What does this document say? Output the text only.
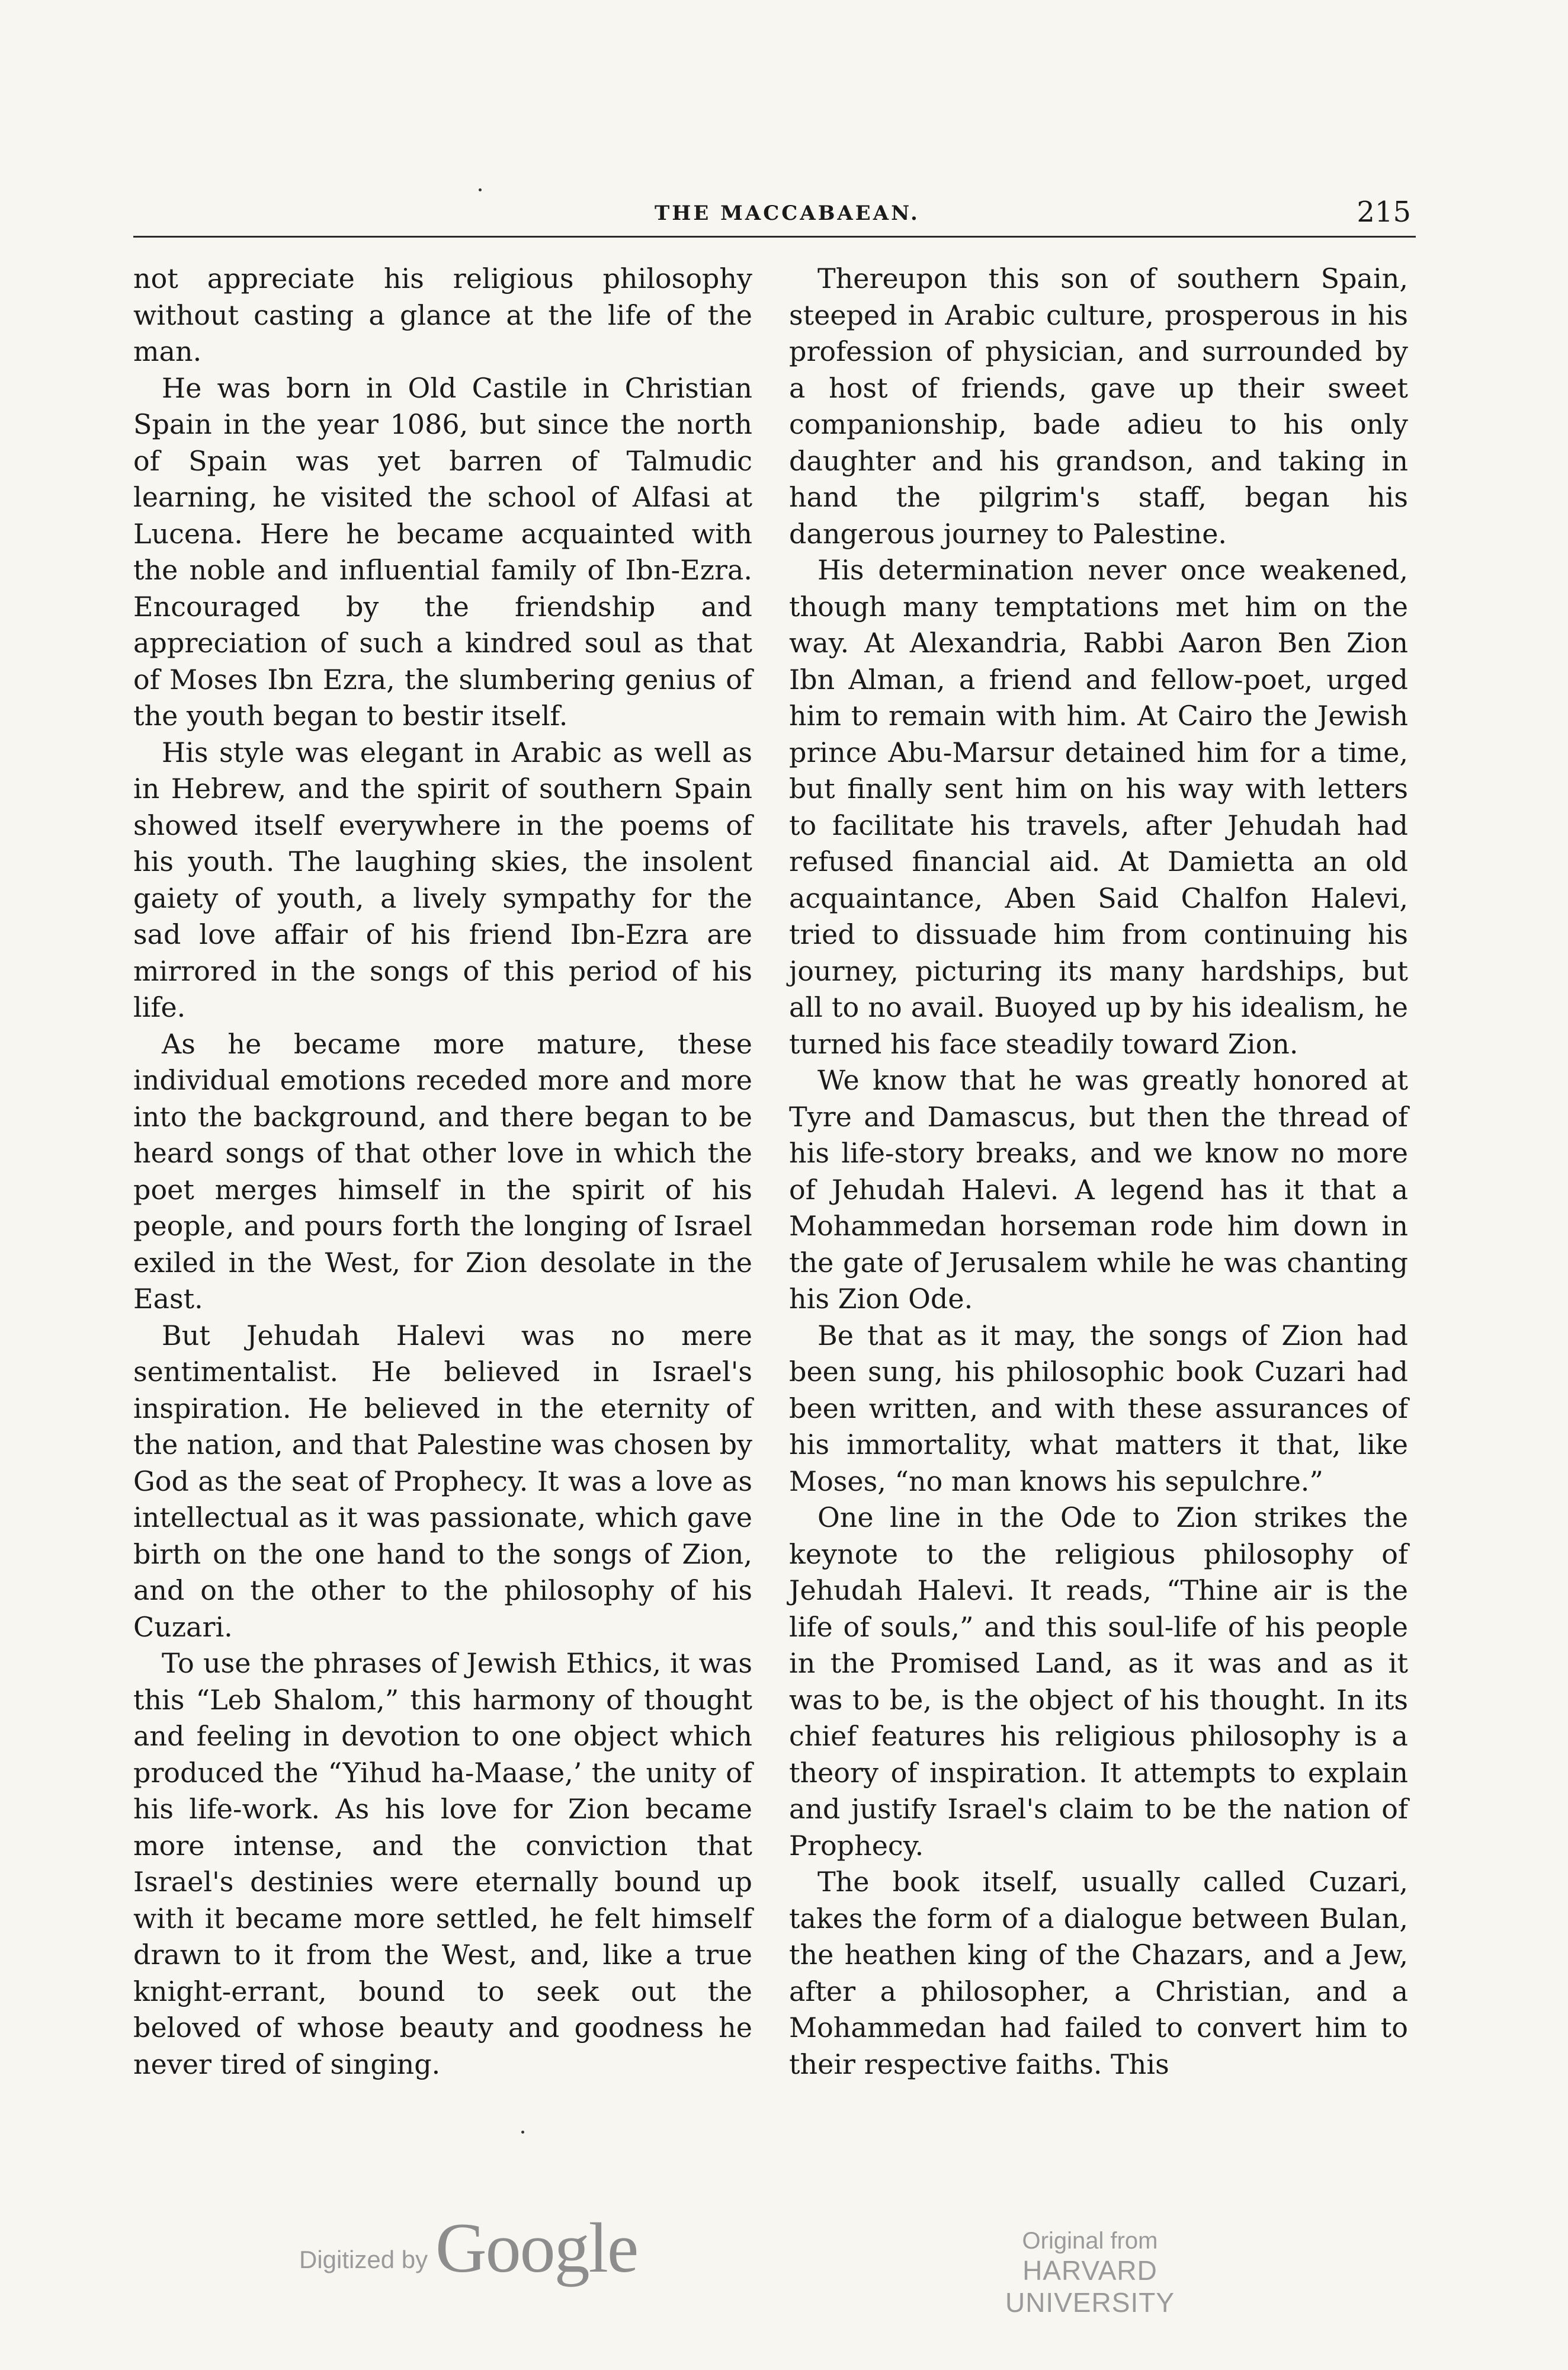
THE MACCABAEAN.	215

not appreciate his religious philosophy without casting a glance at the life of the man.

He was born in Old Castile in Christian Spain in the year 1086, but since the north of Spain was yet barren of Talmudic learning, he visited the school of Alfasi at Lucena. Here he became acquainted with the noble and influential family of Ibn-Ezra. Encouraged by the friendship and appreciation of such a kindred soul as that of Moses Ibn Ezra, the slumbering genius of the youth began to bestir itself.

His style was elegant in Arabic as well as in Hebrew, and the spirit of southern Spain showed itself everywhere in the poems of his youth. The laughing skies, the insolent gaiety of youth, a lively sympathy for the sad love affair of his friend Ibn-Ezra are mirrored in the songs of this period of his life.

As he became more mature, these individual emotions receded more and more into the background, and there began to be heard songs of that other love in which the poet merges himself in the spirit of his people, and pours forth the longing of Israel exiled in the West, for Zion desolate in the East.

But Jehudah Halevi was no mere sentimentalist. He believed in Israel's inspiration. He believed in the eternity of the nation, and that Palestine was chosen by God as the seat of Prophecy. It was a love as intellectual as it was passionate, which gave birth on the one hand to the songs of Zion, and on the other to the philosophy of his Cuzari.

To use the phrases of Jewish Ethics, it was this “Leb Shalom,” this harmony of thought and feeling in devotion to one object which produced the “Yihud ha-Maase,’ the unity of his life-work. As his love for Zion became more intense, and the conviction that Israel's destinies were eternally bound up with it became more settled, he felt himself drawn to it from the West, and, like a true knight-errant, bound to seek out the beloved of whose beauty and goodness he never tired of singing.

Thereupon this son of southern Spain, steeped in Arabic culture, prosperous in his profession of physician, and surrounded by a host of friends, gave up their sweet companionship, bade adieu to his only daughter and his grandson, and taking in hand the pilgrim's staff, began his dangerous journey to Palestine.

His determination never once weakened, though many temptations met him on the way. At Alexandria, Rabbi Aaron Ben Zion Ibn Alman, a friend and fellow-poet, urged him to remain with him. At Cairo the Jewish prince Abu-Marsur detained him for a time, but finally sent him on his way with letters to facilitate his travels, after Jehudah had refused financial aid. At Damietta an old acquaintance, Aben Said Chalfon Halevi, tried to dissuade him from continuing his journey, picturing its many hardships, but all to no avail. Buoyed up by his idealism, he turned his face steadily toward Zion.

We know that he was greatly honored at Tyre and Damascus, but then the thread of his life-story breaks, and we know no more of Jehudah Halevi. A legend has it that a Mohammedan horseman rode him down in the gate of Jerusalem while he was chanting his Zion Ode.

Be that as it may, the songs of Zion had been sung, his philosophic book Cuzari had been written, and with these assurances of his immortality, what matters it that, like Moses, “no man knows his sepulchre.”

One line in the Ode to Zion strikes the keynote to the religious philosophy of Jehudah Halevi. It reads, “Thine air is the life of souls,” and this soul-life of his people in the Promised Land, as it was and as it was to be, is the object of his thought. In its chief features his religious philosophy is a theory of inspiration. It attempts to explain and justify Israel's claim to be the nation of Prophecy.

The book itself, usually called Cuzari, takes the form of a dialogue between Bulan, the heathen king of the Chazars, and a Jew, after a philosopher, a Christian, and a Mohammedan had failed to convert him to their respective faiths. This

Digitized by Google	Original from
HARVARD UNIVERSITY
